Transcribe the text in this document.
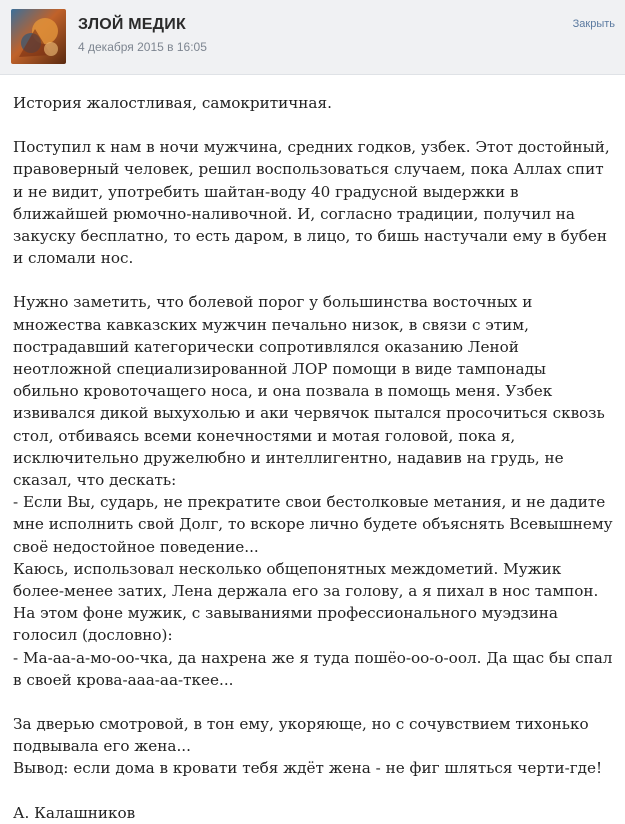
ЗЛОЙ МЕДИК
4 декабря 2015 в 16:05
Закрыть

История жалостливая, самокритичная.

Поступил к нам в ночи мужчина, средних годков, узбек. Этот достойный, правоверный человек, решил воспользоваться случаем, пока Аллах спит и не видит, употребить шайтан-воду 40 градусной выдержки в ближайшей рюмочно-наливочной. И, согласно традиции, получил на закуску бесплатно, то есть даром, в лицо, то бишь настучали ему в бубен и сломали нос.

Нужно заметить, что болевой порог у большинства восточных и множества кавказских мужчин печально низок, в связи с этим, пострадавший категорически сопротивлялся оказанию Леной неотложной специализированной ЛОР помощи в виде тампонады обильно кровоточащего носа, и она позвала в помощь меня. Узбек извивался дикой выхухолью и аки червячок пытался просочиться сквозь стол, отбиваясь всеми конечностями и мотая головой, пока я, исключительно дружелюбно и интеллигентно, надавив на грудь, не сказал, что дескать:
- Если Вы, сударь, не прекратите свои бестолковые метания, и не дадите мне исполнить свой Долг, то вскоре лично будете объяснять Всевышнему своё недостойное поведение...
Каюсь, использовал несколько общепонятных междометий. Мужик более-менее затих, Лена держала его за голову, а я пихал в нос тампон. На этом фоне мужик, с завываниями профессионального муэдзина голосил (дословно):
- Ма-аа-а-мо-оо-чка, да нахрена же я туда пошёо-оо-о-оол. Да щас бы спал в своей крова-ааа-аа-ткее...

За дверью смотровой, в тон ему, укоряюще, но с сочувствием тихонько подвывала его жена...
Вывод: если дома в кровати тебя ждёт жена - не фиг шляться черти-где!

А. Калашников
